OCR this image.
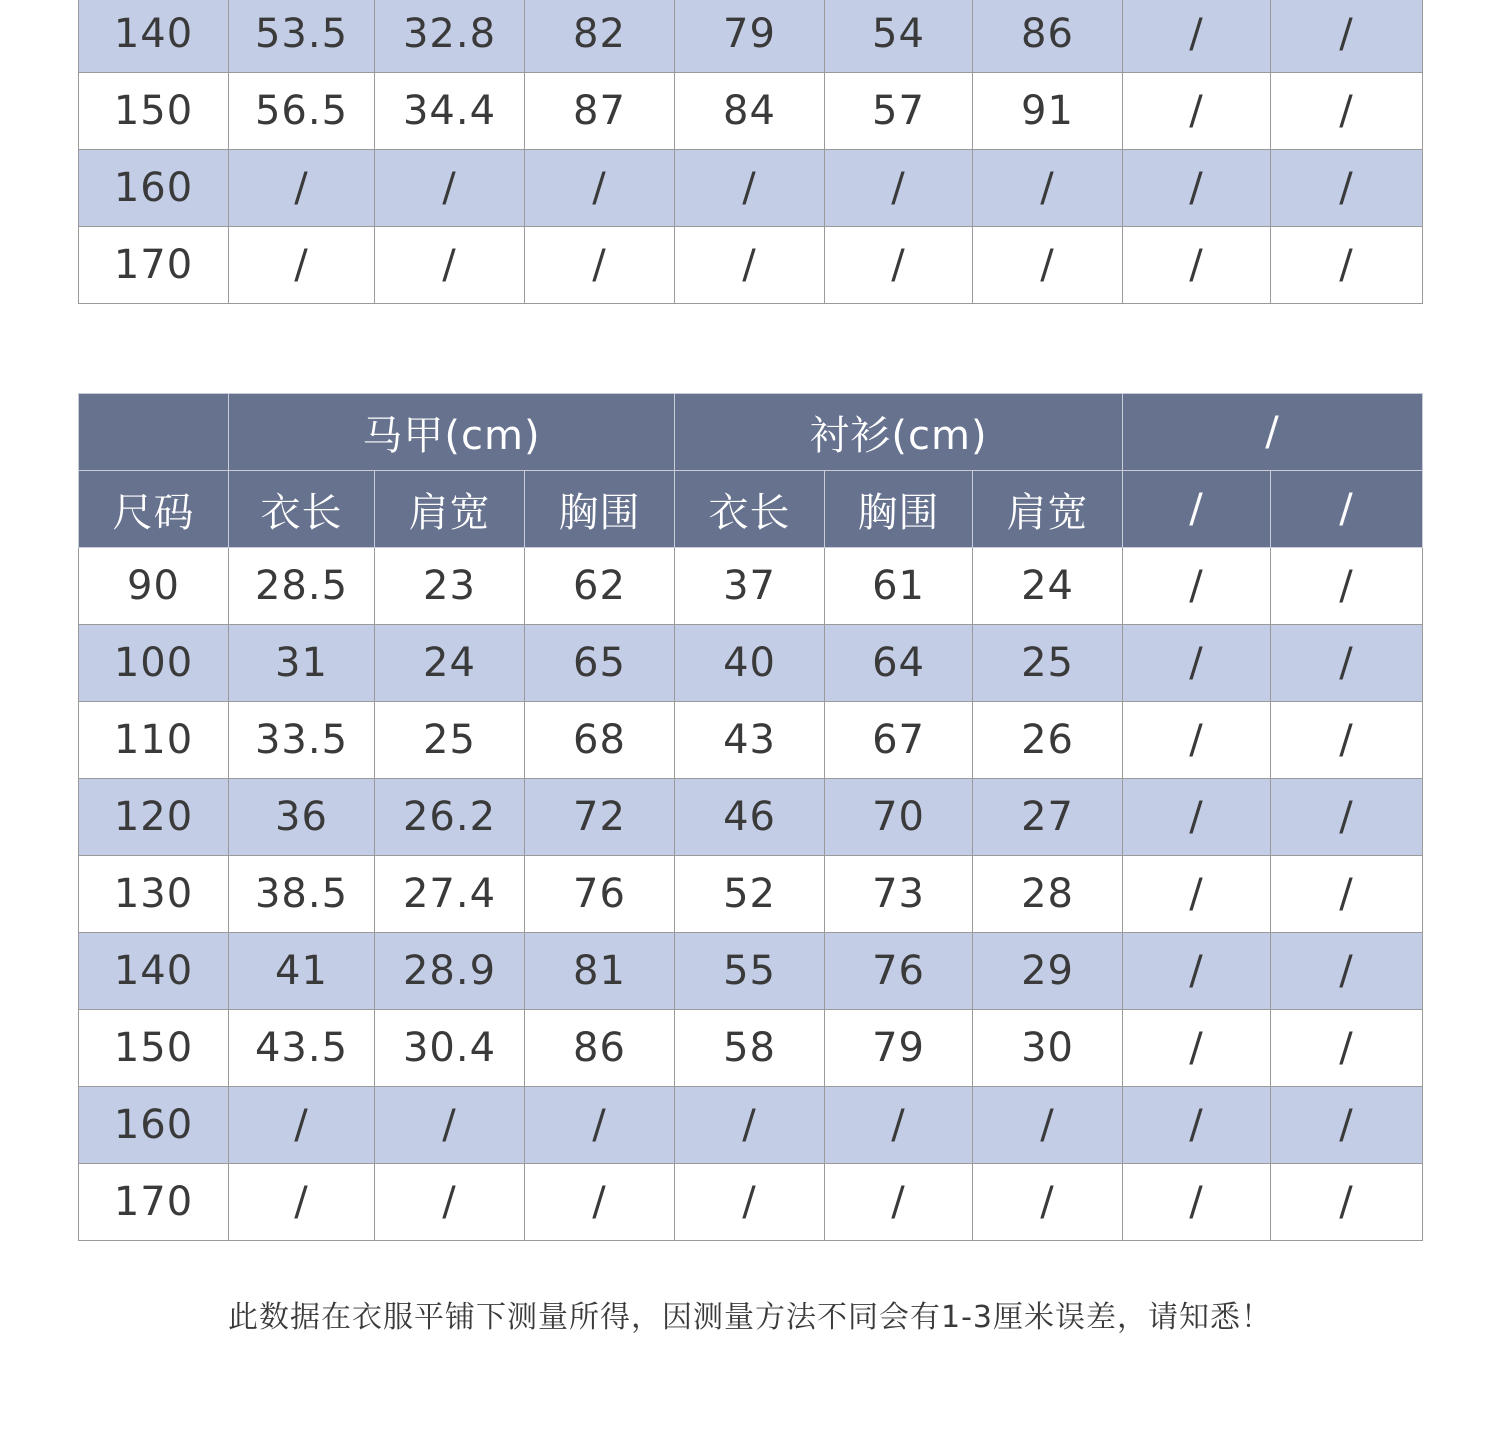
140	53.5	32.8	82	79	54	86	/	/
150	56.5	34.4	87	84	57	91	/	/
160	/	/	/	/	/	/	/	/
170	/	/	/	/	/	/	/	/
	马甲(cm)			衬衫(cm)			/	
尺码	衣长	肩宽	胸围	衣长	胸围	肩宽	/	/
90	28.5	23	62	37	61	24	/	/
100	31	24	65	40	64	25	/	/
110	33.5	25	68	43	67	26	/	/
120	36	26.2	72	46	70	27	/	/
130	38.5	27.4	76	52	73	28	/	/
140	41	28.9	81	55	76	29	/	/
150	43.5	30.4	86	58	79	30	/	/
160	/	/	/	/	/	/	/	/
170	/	/	/	/	/	/	/	/
此数据在衣服平铺下测量所得，因测量方法不同会有1-3厘米误差，请知悉！
